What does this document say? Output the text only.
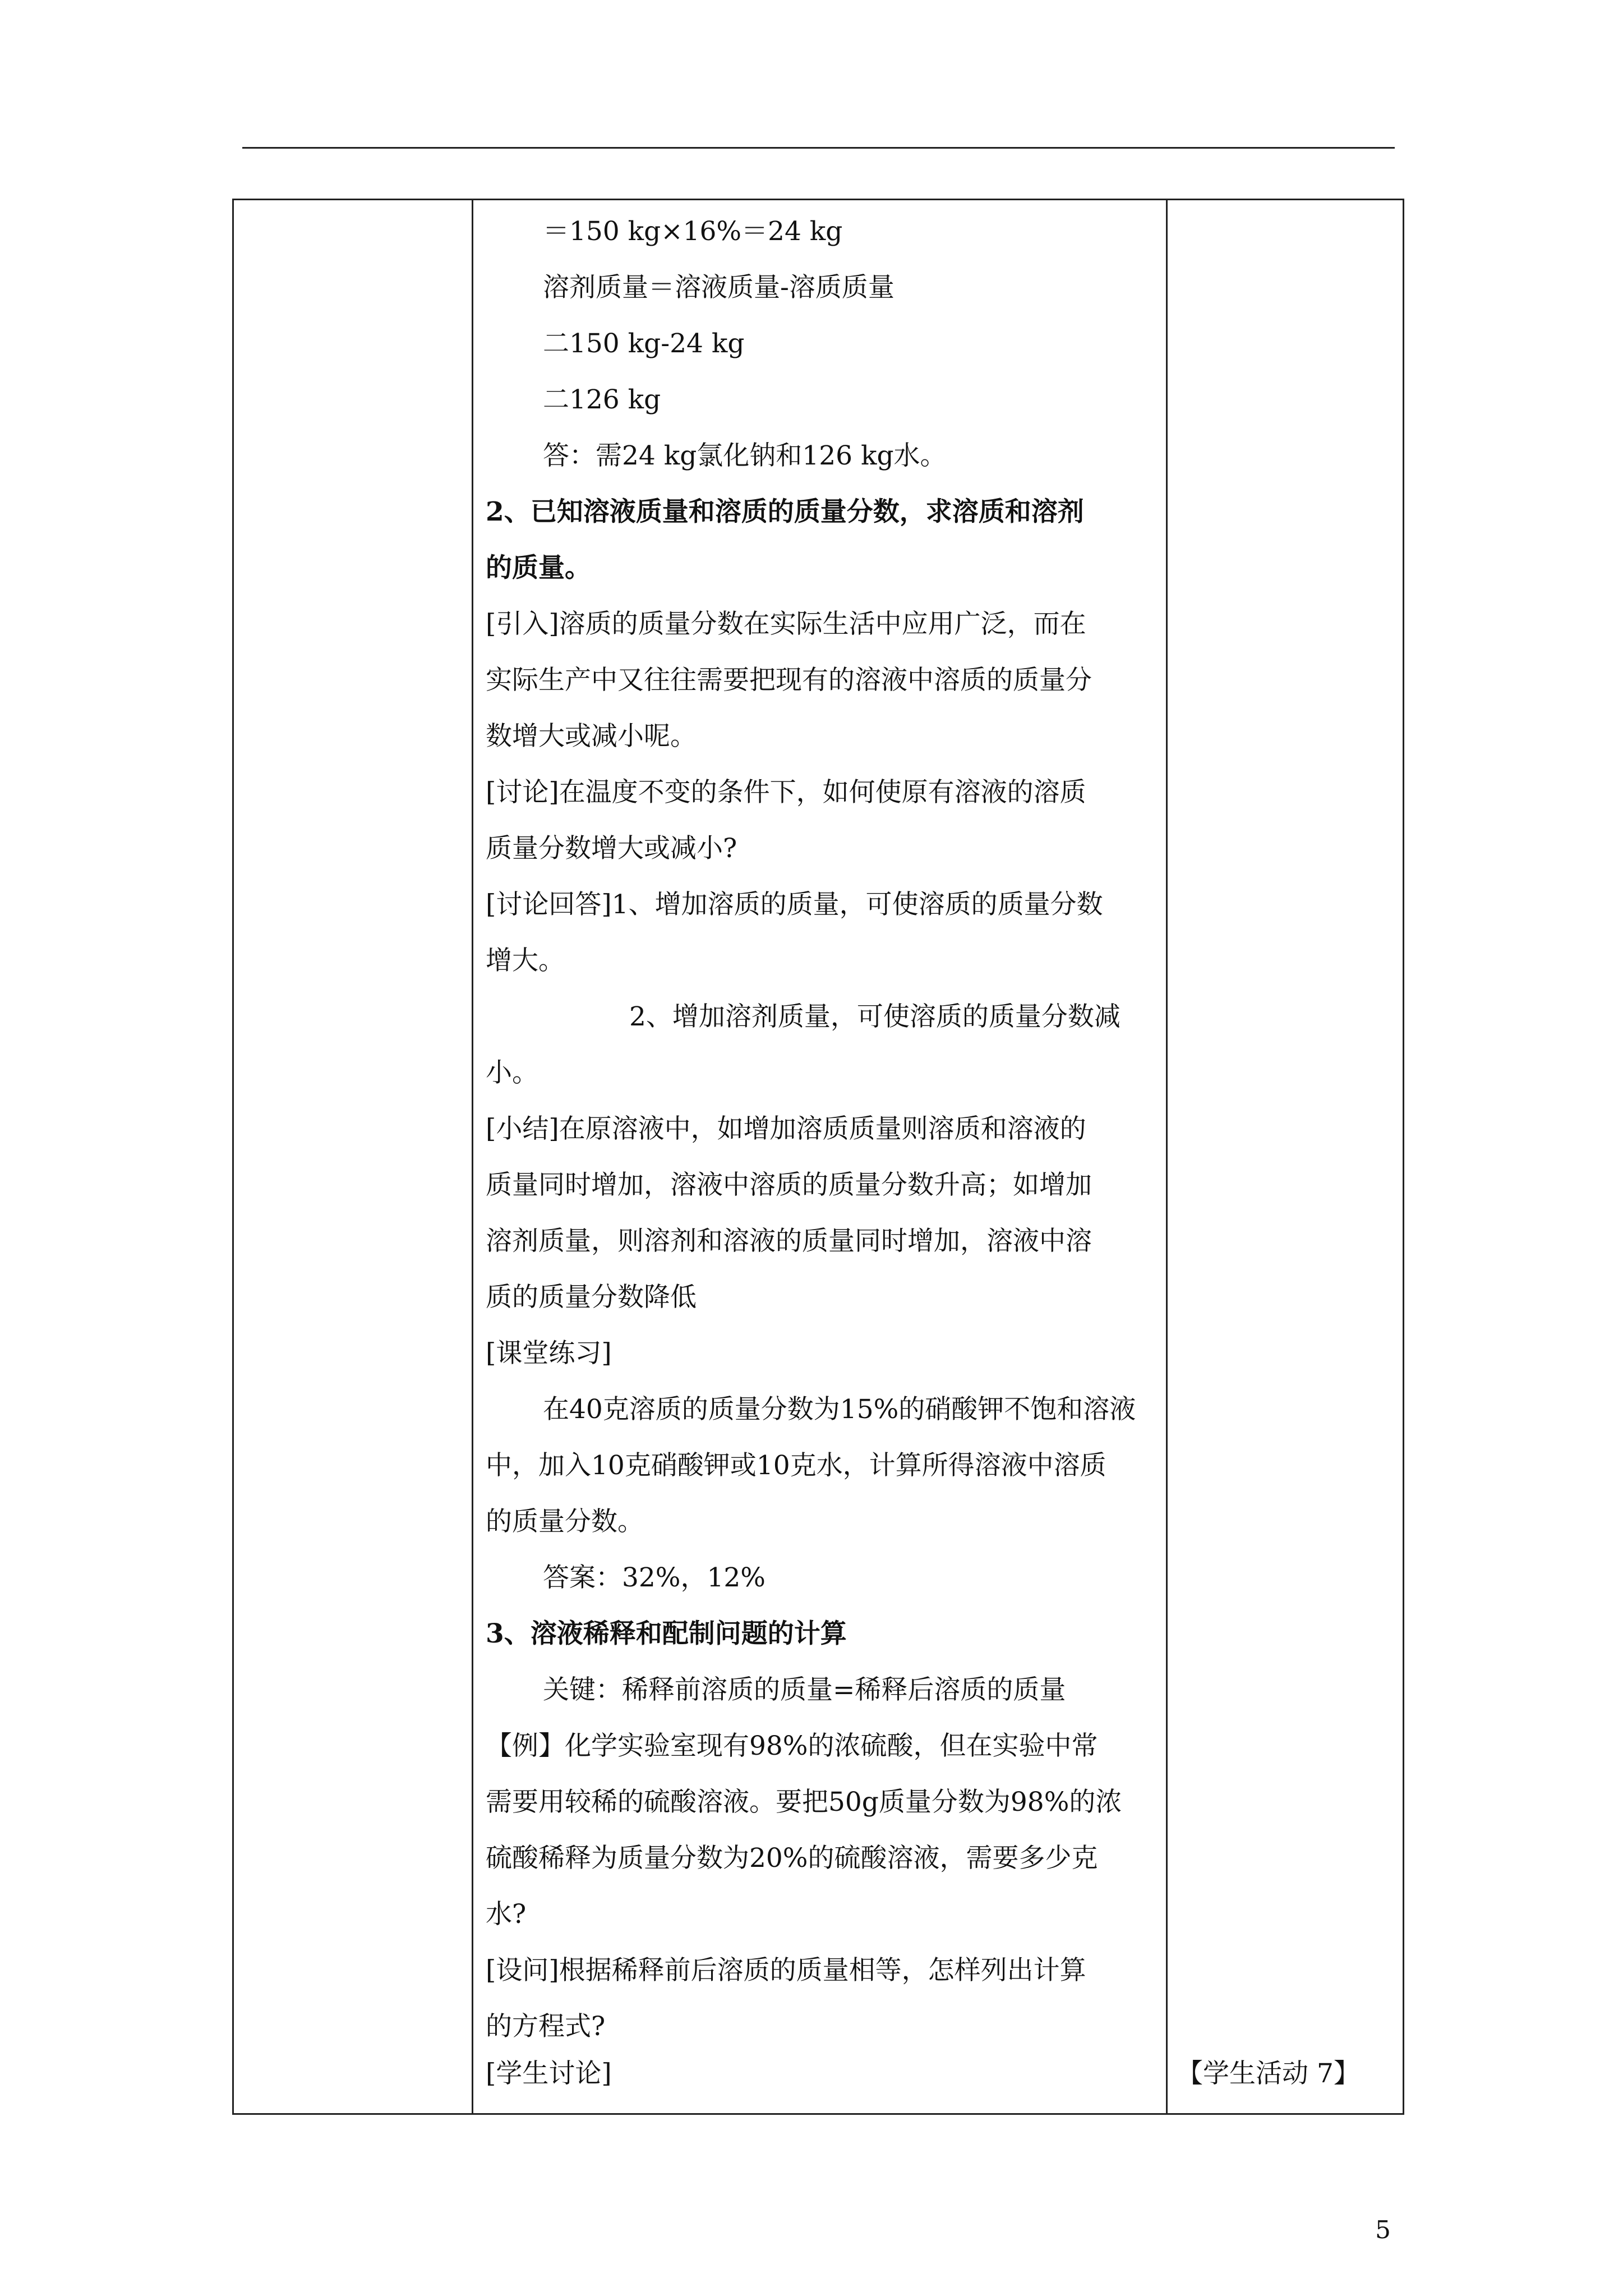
＝150 kg×16%＝24 kg
溶剂质量＝溶液质量-溶质质量
二150 kg-24 kg
二126 kg
答：需24 kg氯化钠和126 kg水。
2、已知溶液质量和溶质的质量分数，求溶质和溶剂
的质量。
[引入]溶质的质量分数在实际生活中应用广泛，而在
实际生产中又往往需要把现有的溶液中溶质的质量分
数增大或减小呢。
[讨论]在温度不变的条件下，如何使原有溶液的溶质
质量分数增大或减小?
[讨论回答]1、增加溶质的质量，可使溶质的质量分数
增大。
2、增加溶剂质量，可使溶质的质量分数减
小。
[小结]在原溶液中，如增加溶质质量则溶质和溶液的
质量同时增加，溶液中溶质的质量分数升高；如增加
溶剂质量，则溶剂和溶液的质量同时增加，溶液中溶
质的质量分数降低
[课堂练习]
在40克溶质的质量分数为15%的硝酸钾不饱和溶液
中，加入10克硝酸钾或10克水，计算所得溶液中溶质
的质量分数。
答案：32%，12%
3、溶液稀释和配制问题的计算
关键：稀释前溶质的质量=稀释后溶质的质量
【例】化学实验室现有98%的浓硫酸，但在实验中常
需要用较稀的硫酸溶液。要把50g质量分数为98%的浓
硫酸稀释为质量分数为20%的硫酸溶液，需要多少克
水?
[设问]根据稀释前后溶质的质量相等，怎样列出计算
的方程式?
[学生讨论]	【学生活动 7】
5
